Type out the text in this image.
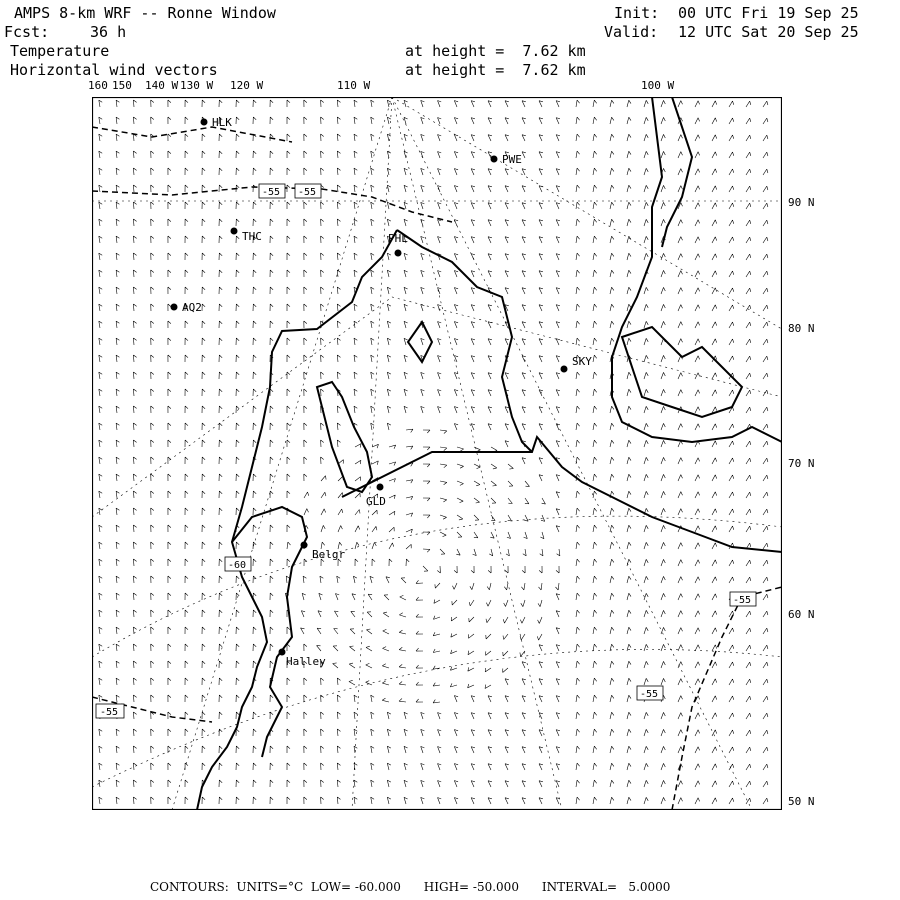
AMPS 8-km WRF -- Ronne Window
Fcst:	36 h
Init: 00 UTC Fri 19 Sep 25
Valid: 12 UTC Sat 20 Sep 25
Temperature
Horizontal wind vectors
at height =  7.62 km
at height =  7.62 km
160 150 140 W 130 W 120 W	110 W	100 W
90 N
80 N
70 N
60 N
50 N
-55 -55
-60
-55
-55
-55
HLK
PWE
THC	PHL
AQ2
SKY
GLD
Belgr
Halley
CONTOURS:  UNITS=°C  LOW= -60.000      HIGH= -50.000      INTERVAL=   5.0000
